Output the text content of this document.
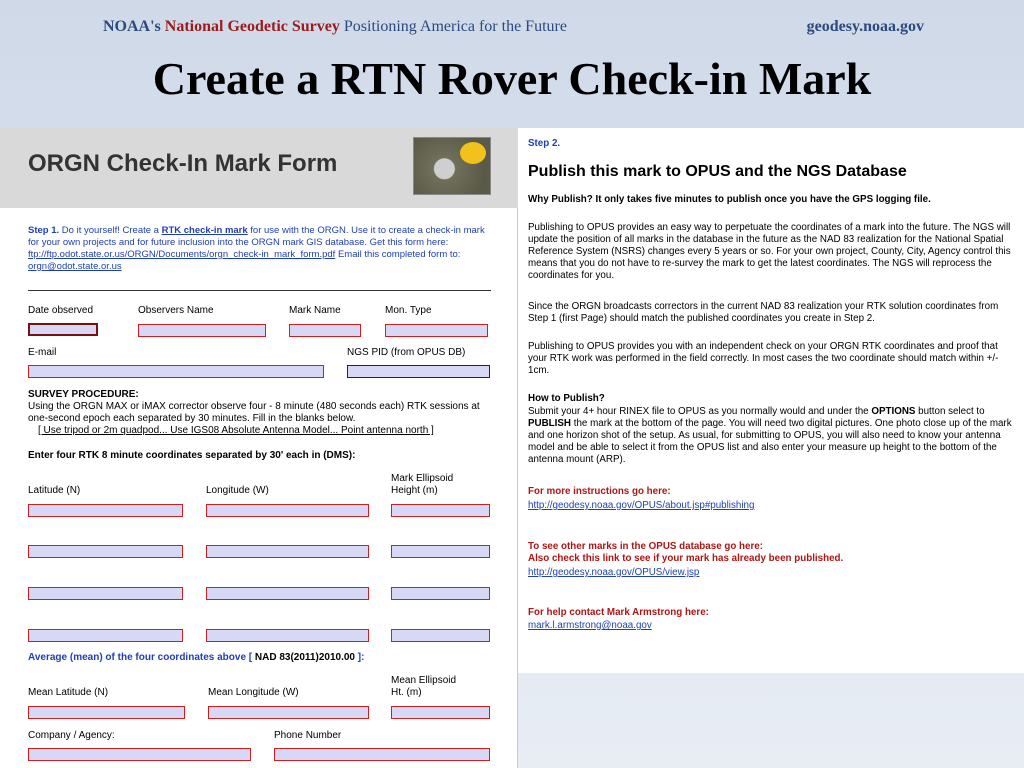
NOAA's National Geodetic Survey Positioning America for the Future	geodesy.noaa.gov
Create a RTN Rover Check-in Mark
ORGN Check-In Mark Form
Step 1. Do it yourself! Create a RTK check-in mark for use with the ORGN. Use it to create a check-in mark for your own projects and for future inclusion into the ORGN mark GIS database. Get this form here: ftp://ftp.odot.state.or.us/ORGN/Documents/orgn_check-in_mark_form.pdf Email this completed form to: orgn@odot.state.or.us
Date observed	Observers Name	Mark Name	Mon. Type
E-mail	NGS PID (from OPUS DB)
SURVEY PROCEDURE:
Using the ORGN MAX or iMAX corrector observe four - 8 minute (480 seconds each) RTK sessions at one-second epoch each separated by 30 minutes. Fill in the blanks below.
[ Use tripod or 2m quadpod... Use IGS08 Absolute Antenna Model... Point antenna north ]
Enter four RTK 8 minute coordinates separated by 30' each in (DMS):
Latitude (N)	Longitude (W)
Mark Ellipsoid
Height (m)
Average (mean) of the four coordinates above [ NAD 83(2011)2010.00 ]:
Mean Latitude (N)	Mean Longitude (W)
Mean Ellipsoid
Ht. (m)
Company / Agency:	Phone Number
Step 2.
Publish this mark to OPUS and the NGS Database
Why Publish? It only takes five minutes to publish once you have the GPS logging file.
Publishing to OPUS provides an easy way to perpetuate the coordinates of a mark into the future. The NGS will update the position of all marks in the database in the future as the NAD 83 realization for the National Spatial Reference System (NSRS) changes every 5 years or so. For your own project, County, City, Agency control this means that you do not have to re-survey the mark to get the latest coordinates. The NGS will reprocess the coordinates for you.
Since the ORGN broadcasts correctors in the current NAD 83 realization your RTK solution coordinates from Step 1 (first Page) should match the published coordinates you create in Step 2.
Publishing to OPUS provides you with an independent check on your ORGN RTK coordinates and proof that your RTK work was performed in the field correctly. In most cases the two coordinate should match within +/- 1cm.
How to Publish?
Submit your 4+ hour RINEX file to OPUS as you normally would and under the OPTIONS button select to PUBLISH the mark at the bottom of the page. You will need two digital pictures. One photo close up of the mark and one horizon shot of the setup. As usual, for submitting to OPUS, you will also need to know your antenna model and be able to select it from the OPUS list and also enter your measure up height to the bottom of the antenna mount (ARP).
For more instructions go here:
http://geodesy.noaa.gov/OPUS/about.jsp#publishing
To see other marks in the OPUS database go here:
Also check this link to see if your mark has already been published.
http://geodesy.noaa.gov/OPUS/view.jsp
For help contact Mark Armstrong here:
mark.l.armstrong@noaa.gov
